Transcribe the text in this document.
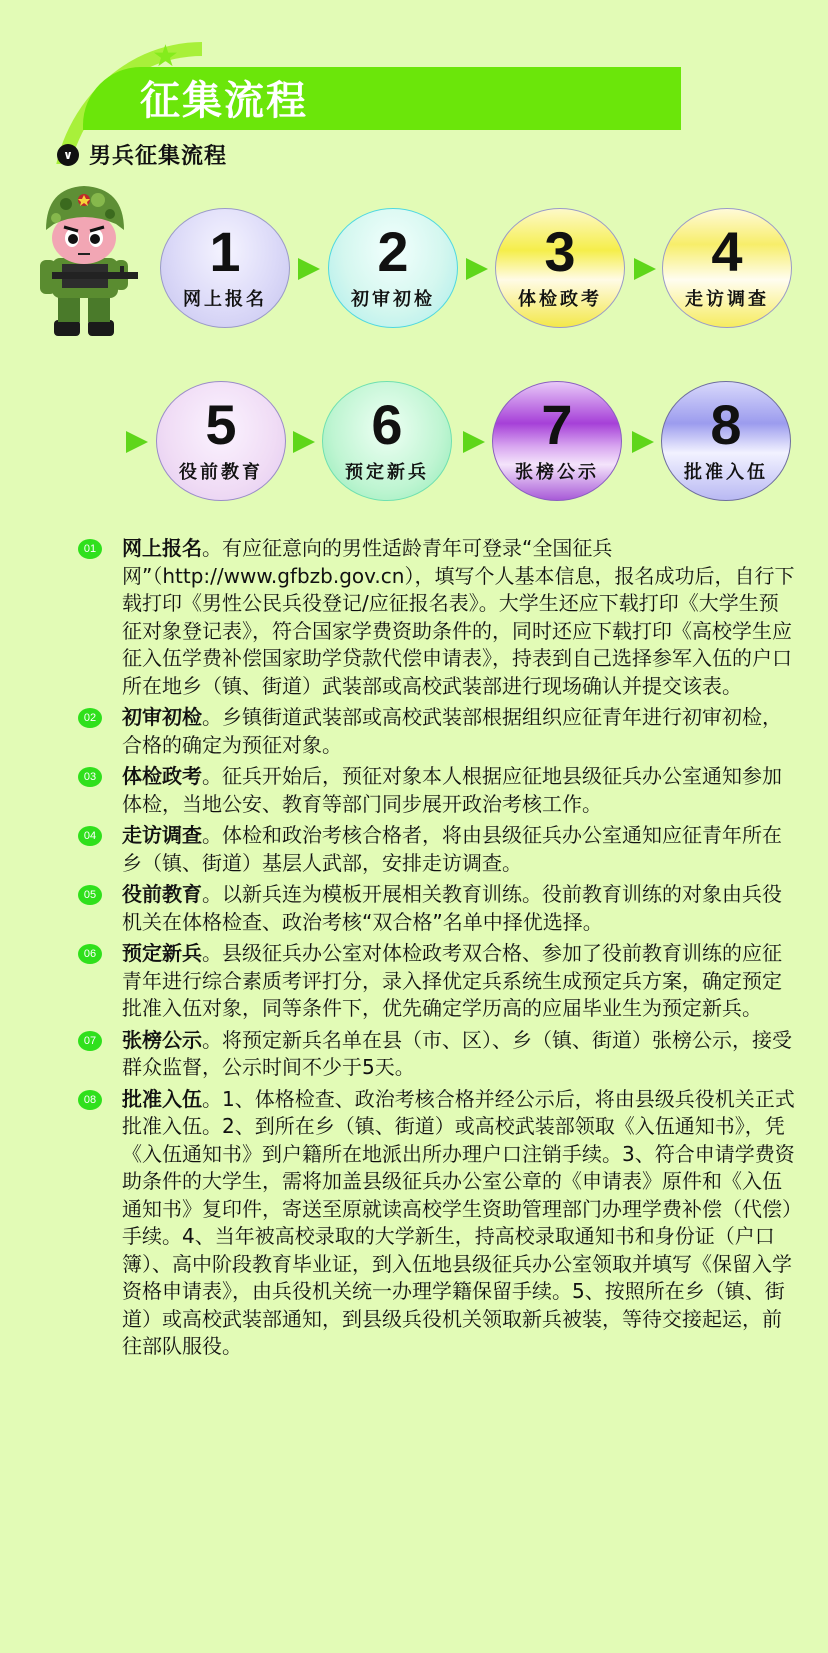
★
征集流程
∨ 男兵征集流程
1
网上报名
2
初审初检
3
体检政考
4
走访调查
5
役前教育
6
预定新兵
7
张榜公示
8
批准入伍
01 网上报名。有应征意向的男性适龄青年可登录“全国征兵网”（http://www.gfbzb.gov.cn），填写个人基本信息，报名成功后，自行下载打印《男性公民兵役登记/应征报名表》。大学生还应下载打印《大学生预征对象登记表》，符合国家学费资助条件的，同时还应下载打印《高校学生应征入伍学费补偿国家助学贷款代偿申请表》，持表到自己选择参军入伍的户口所在地乡（镇、街道）武装部或高校武装部进行现场确认并提交该表。
02 初审初检。乡镇街道武装部或高校武装部根据组织应征青年进行初审初检，合格的确定为预征对象。
03 体检政考。征兵开始后，预征对象本人根据应征地县级征兵办公室通知参加体检，当地公安、教育等部门同步展开政治考核工作。
04 走访调查。体检和政治考核合格者，将由县级征兵办公室通知应征青年所在乡（镇、街道）基层人武部，安排走访调查。
05 役前教育。以新兵连为模板开展相关教育训练。役前教育训练的对象由兵役机关在体格检查、政治考核“双合格”名单中择优选择。
06 预定新兵。县级征兵办公室对体检政考双合格、参加了役前教育训练的应征青年进行综合素质考评打分，录入择优定兵系统生成预定兵方案，确定预定批准入伍对象，同等条件下，优先确定学历高的应届毕业生为预定新兵。
07 张榜公示。将预定新兵名单在县（市、区）、乡（镇、街道）张榜公示，接受群众监督，公示时间不少于5天。
08 批准入伍。1、体格检查、政治考核合格并经公示后，将由县级兵役机关正式批准入伍。2、到所在乡（镇、街道）或高校武装部领取《入伍通知书》，凭《入伍通知书》到户籍所在地派出所办理户口注销手续。3、符合申请学费资助条件的大学生，需将加盖县级征兵办公室公章的《申请表》原件和《入伍通知书》复印件，寄送至原就读高校学生资助管理部门办理学费补偿（代偿）手续。4、当年被高校录取的大学新生，持高校录取通知书和身份证（户口簿）、高中阶段教育毕业证，到入伍地县级征兵办公室领取并填写《保留入学资格申请表》，由兵役机关统一办理学籍保留手续。5、按照所在乡（镇、街道）或高校武装部通知，到县级兵役机关领取新兵被装，等待交接起运，前往部队服役。
